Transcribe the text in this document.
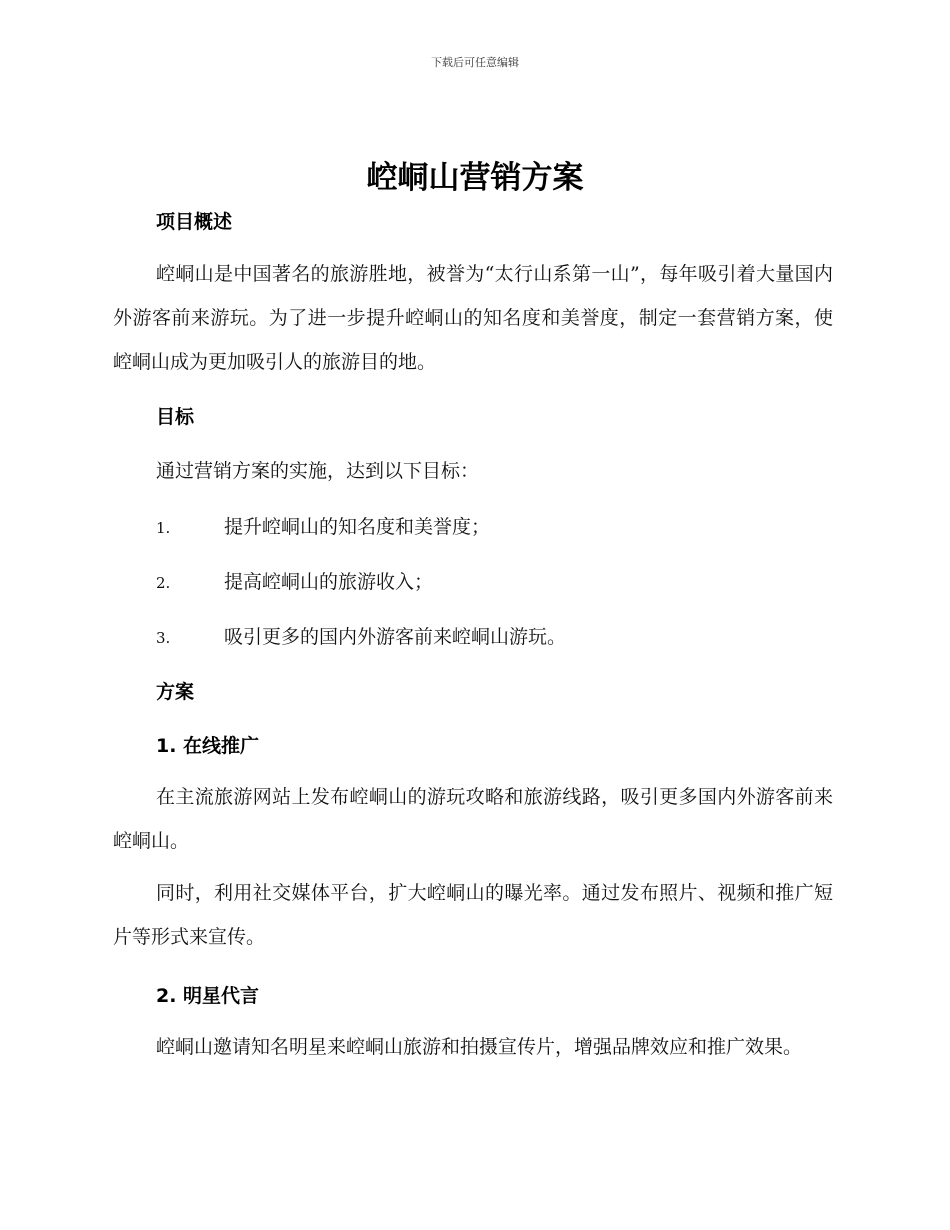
下载后可任意编辑
崆峒山营销方案
项目概述
崆峒山是中国著名的旅游胜地，被誉为“太行山系第一山”，每年吸引着大量国内外游客前来游玩。为了进一步提升崆峒山的知名度和美誉度，制定一套营销方案，使崆峒山成为更加吸引人的旅游目的地。
目标
通过营销方案的实施，达到以下目标：
1.	提升崆峒山的知名度和美誉度；
2.	提高崆峒山的旅游收入；
3.	吸引更多的国内外游客前来崆峒山游玩。
方案
1. 在线推广
在主流旅游网站上发布崆峒山的游玩攻略和旅游线路，吸引更多国内外游客前来崆峒山。
同时，利用社交媒体平台，扩大崆峒山的曝光率。通过发布照片、视频和推广短片等形式来宣传。
2. 明星代言
崆峒山邀请知名明星来崆峒山旅游和拍摄宣传片，增强品牌效应和推广效果。
